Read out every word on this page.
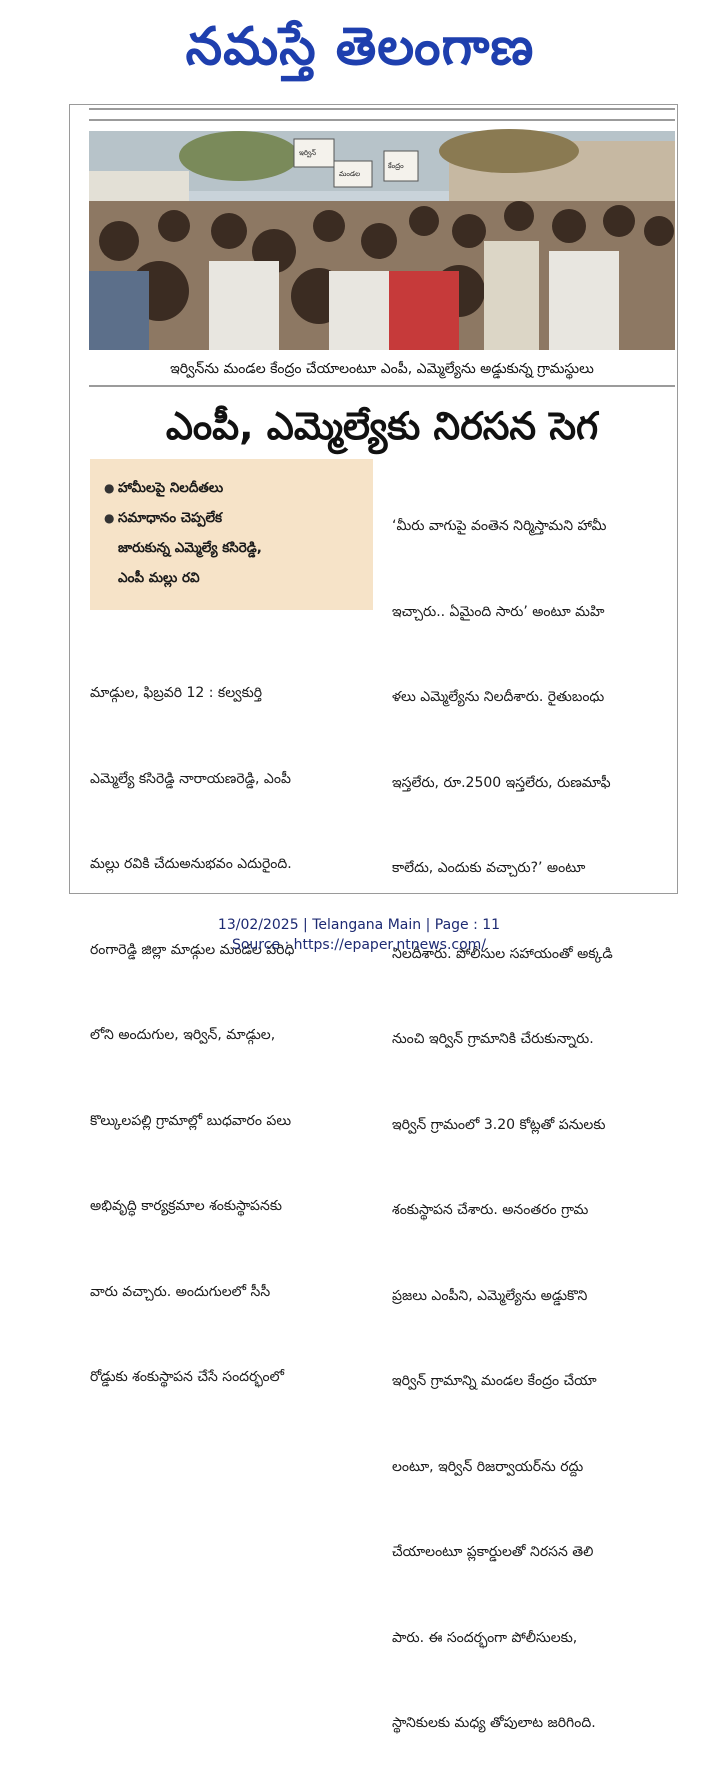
నమస్తే తెలంగాణ
ఇర్విన్
మండల
కేంద్రం
ఇర్విన్‌ను మండల కేంద్రం చేయాలంటూ ఎంపీ, ఎమ్మెల్యేను అడ్డుకున్న గ్రామస్థులు
ఎంపీ, ఎమ్మెల్యేకు నిరసన సెగ
● హామీలపై నిలదీతలు
● సమాధానం చెప్పలేక
జారుకున్న ఎమ్మెల్యే కసిరెడ్డి,
ఎంపీ మల్లు రవి

మాడ్గుల, ఫిబ్రవరి 12 : కల్వకుర్తి

ఎమ్మెల్యే కసిరెడ్డి నారాయణరెడ్డి, ఎంపీ

మల్లు రవికి చేదుఅనుభవం ఎదురైంది.

రంగారెడ్డి జిల్లా మాడ్గుల మండల పరిధి

లోని అందుగుల, ఇర్విన్, మాడ్గుల,

కొల్కులపల్లి గ్రామాల్లో బుధవారం పలు

అభివృద్ధి కార్యక్రమాల శంకుస్థాపనకు

వారు వచ్చారు. అందుగులలో సీసీ

రోడ్డుకు శంకుస్థాపన చేసే సందర్భంలో

‘మీరు వాగుపై వంతెన నిర్మిస్తామని హామీ

ఇచ్చారు.. ఏమైంది సారు’ అంటూ మహి

ళలు ఎమ్మెల్యేను నిలదీశారు. రైతుబంధు

ఇస్తలేరు, రూ.2500 ఇస్తలేరు, రుణమాఫీ

కాలేదు, ఎందుకు వచ్చారు?’ అంటూ

నిలదీశారు. పోలీసుల సహాయంతో అక్కడి

నుంచి ఇర్విన్ గ్రామానికి చేరుకున్నారు.

ఇర్విన్ గ్రామంలో 3.20 కోట్లతో పనులకు

శంకుస్థాపన చేశారు. అనంతరం గ్రామ

ప్రజలు ఎంపీని, ఎమ్మెల్యేను అడ్డుకొని

ఇర్విన్ గ్రామాన్ని మండల కేంద్రం చేయా

లంటూ, ఇర్విన్ రిజర్వాయర్‌ను రద్దు

చేయాలంటూ ప్లకార్డులతో నిరసన తెలి

పారు. ఈ సందర్భంగా పోలీసులకు,

స్థానికులకు మధ్య తోపులాట జరిగింది.

13/02/2025 | Telangana Main | Page : 11
Source : https://epaper.ntnews.com/
